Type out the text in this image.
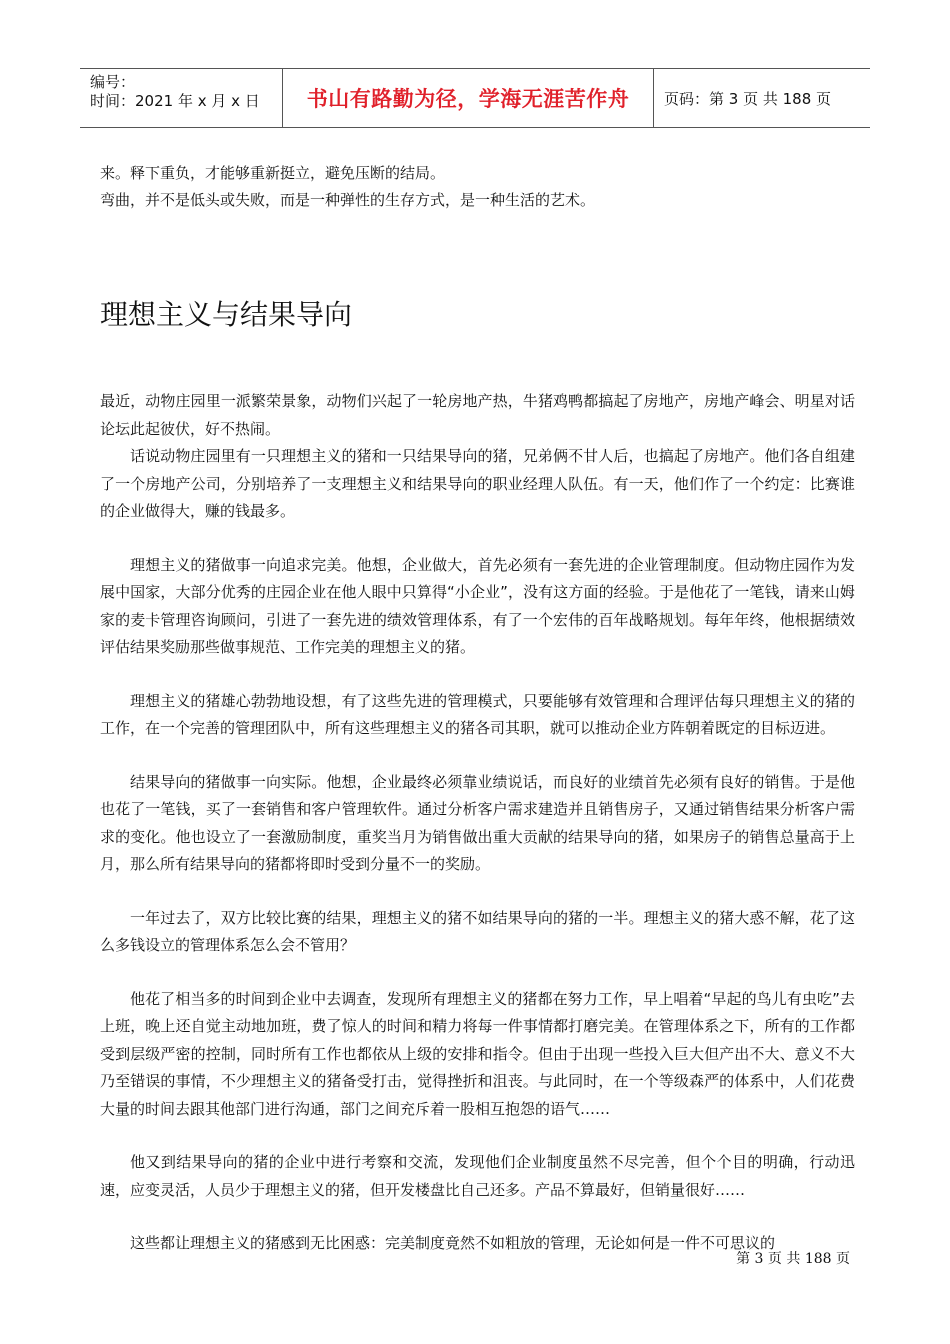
编号：
时间：2021 年 x 月 x 日	书山有路勤为径，学海无涯苦作舟	页码：第 3 页 共 188 页

来。释下重负，才能够重新挺立，避免压断的结局。

弯曲，并不是低头或失败，而是一种弹性的生存方式，是一种生活的艺术。

理想主义与结果导向

最近，动物庄园里一派繁荣景象，动物们兴起了一轮房地产热，牛猪鸡鸭都搞起了房地产，房地产峰会、明星对话论坛此起彼伏，好不热闹。

话说动物庄园里有一只理想主义的猪和一只结果导向的猪，兄弟俩不甘人后，也搞起了房地产。他们各自组建了一个房地产公司，分别培养了一支理想主义和结果导向的职业经理人队伍。有一天，他们作了一个约定：比赛谁的企业做得大，赚的钱最多。

理想主义的猪做事一向追求完美。他想，企业做大，首先必须有一套先进的企业管理制度。但动物庄园作为发展中国家，大部分优秀的庄园企业在他人眼中只算得“小企业”，没有这方面的经验。于是他花了一笔钱，请来山姆家的麦卡管理咨询顾问，引进了一套先进的绩效管理体系，有了一个宏伟的百年战略规划。每年年终，他根据绩效评估结果奖励那些做事规范、工作完美的理想主义的猪。

理想主义的猪雄心勃勃地设想，有了这些先进的管理模式，只要能够有效管理和合理评估每只理想主义的猪的工作，在一个完善的管理团队中，所有这些理想主义的猪各司其职，就可以推动企业方阵朝着既定的目标迈进。

结果导向的猪做事一向实际。他想，企业最终必须靠业绩说话，而良好的业绩首先必须有良好的销售。于是他也花了一笔钱，买了一套销售和客户管理软件。通过分析客户需求建造并且销售房子，又通过销售结果分析客户需求的变化。他也设立了一套激励制度，重奖当月为销售做出重大贡献的结果导向的猪，如果房子的销售总量高于上月，那么所有结果导向的猪都将即时受到分量不一的奖励。

一年过去了，双方比较比赛的结果，理想主义的猪不如结果导向的猪的一半。理想主义的猪大惑不解，花了这么多钱设立的管理体系怎么会不管用？

他花了相当多的时间到企业中去调查，发现所有理想主义的猪都在努力工作，早上唱着“早起的鸟儿有虫吃”去上班，晚上还自觉主动地加班，费了惊人的时间和精力将每一件事情都打磨完美。在管理体系之下，所有的工作都受到层级严密的控制，同时所有工作也都依从上级的安排和指令。但由于出现一些投入巨大但产出不大、意义不大乃至错误的事情，不少理想主义的猪备受打击，觉得挫折和沮丧。与此同时，在一个等级森严的体系中，人们花费大量的时间去跟其他部门进行沟通，部门之间充斥着一股相互抱怨的语气……

他又到结果导向的猪的企业中进行考察和交流，发现他们企业制度虽然不尽完善，但个个目的明确，行动迅速，应变灵活，人员少于理想主义的猪，但开发楼盘比自己还多。产品不算最好，但销量很好……

这些都让理想主义的猪感到无比困惑：完美制度竟然不如粗放的管理，无论如何是一件不可思议的

第 3 页 共 188 页
